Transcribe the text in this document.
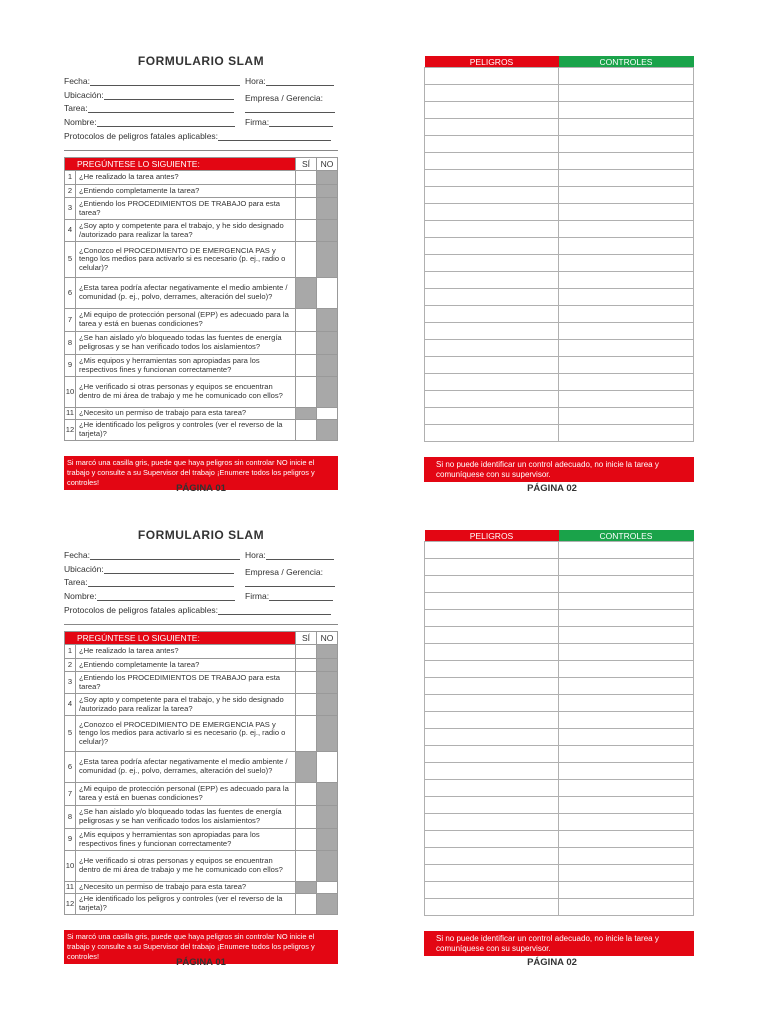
FORMULARIO SLAM
Fecha:	Hora:
Ubicación:	Empresa / Gerencia:
Tarea:
Nombre:	Firma:
Protocolos de peligros fatales aplicables:
PREGÚNTESE LO SIGUIENTE:		SÍ	NO
1	¿He realizado la tarea antes?		
2	¿Entiendo completamente la tarea?		
3	¿Entiendo los PROCEDIMIENTOS DE TRABAJO para esta tarea?		
4	¿Soy apto y competente para el trabajo, y he sido designado /autorizado para realizar la tarea?		
5	¿Conozco el PROCEDIMIENTO DE EMERGENCIA PAS y tengo los medios para activarlo si es necesario (p. ej., radio o celular)?		
6	¿Esta tarea podría afectar negativamente el medio ambiente / comunidad (p. ej., polvo, derrames, alteración del suelo)?		
7	¿Mi equipo de protección personal (EPP) es adecuado para la tarea y está en buenas condiciones?		
8	¿Se han aislado y/o bloqueado todas las fuentes de energía peligrosas y se han verificado todos los aislamientos?		
9	¿Mis equipos y herramientas son apropiadas para los respectivos fines y funcionan correctamente?		
10	¿He verificado si otras personas y equipos se encuentran dentro de mi área de trabajo y me he comunicado con ellos?		
11	¿Necesito un permiso de trabajo para esta tarea?		
12	¿He identificado los peligros y controles (ver el reverso de la tarjeta)?		
Si marcó una casilla gris, puede que haya peligros sin controlar NO inicie el trabajo y consulte a su Supervisor del trabajo ¡Enumere todos los peligros y controles!
PÁGINA 01
PELIGROS	CONTROLES

Si no puede identificar un control adecuado, no inicie la tarea y comuníquese con su supervisor.
PÁGINA 02
FORMULARIO SLAM
Fecha:	Hora:
Ubicación:	Empresa / Gerencia:
Tarea:
Nombre:	Firma:
Protocolos de peligros fatales aplicables:
PREGÚNTESE LO SIGUIENTE:		SÍ	NO
1	¿He realizado la tarea antes?		
2	¿Entiendo completamente la tarea?		
3	¿Entiendo los PROCEDIMIENTOS DE TRABAJO para esta tarea?		
4	¿Soy apto y competente para el trabajo, y he sido designado /autorizado para realizar la tarea?		
5	¿Conozco el PROCEDIMIENTO DE EMERGENCIA PAS y tengo los medios para activarlo si es necesario (p. ej., radio o celular)?		
6	¿Esta tarea podría afectar negativamente el medio ambiente / comunidad (p. ej., polvo, derrames, alteración del suelo)?		
7	¿Mi equipo de protección personal (EPP) es adecuado para la tarea y está en buenas condiciones?		
8	¿Se han aislado y/o bloqueado todas las fuentes de energía peligrosas y se han verificado todos los aislamientos?		
9	¿Mis equipos y herramientas son apropiadas para los respectivos fines y funcionan correctamente?		
10	¿He verificado si otras personas y equipos se encuentran dentro de mi área de trabajo y me he comunicado con ellos?		
11	¿Necesito un permiso de trabajo para esta tarea?		
12	¿He identificado los peligros y controles (ver el reverso de la tarjeta)?		
Si marcó una casilla gris, puede que haya peligros sin controlar NO inicie el trabajo y consulte a su Supervisor del trabajo ¡Enumere todos los peligros y controles!
PÁGINA 01
PELIGROS	CONTROLES

Si no puede identificar un control adecuado, no inicie la tarea y comuníquese con su supervisor.
PÁGINA 02
